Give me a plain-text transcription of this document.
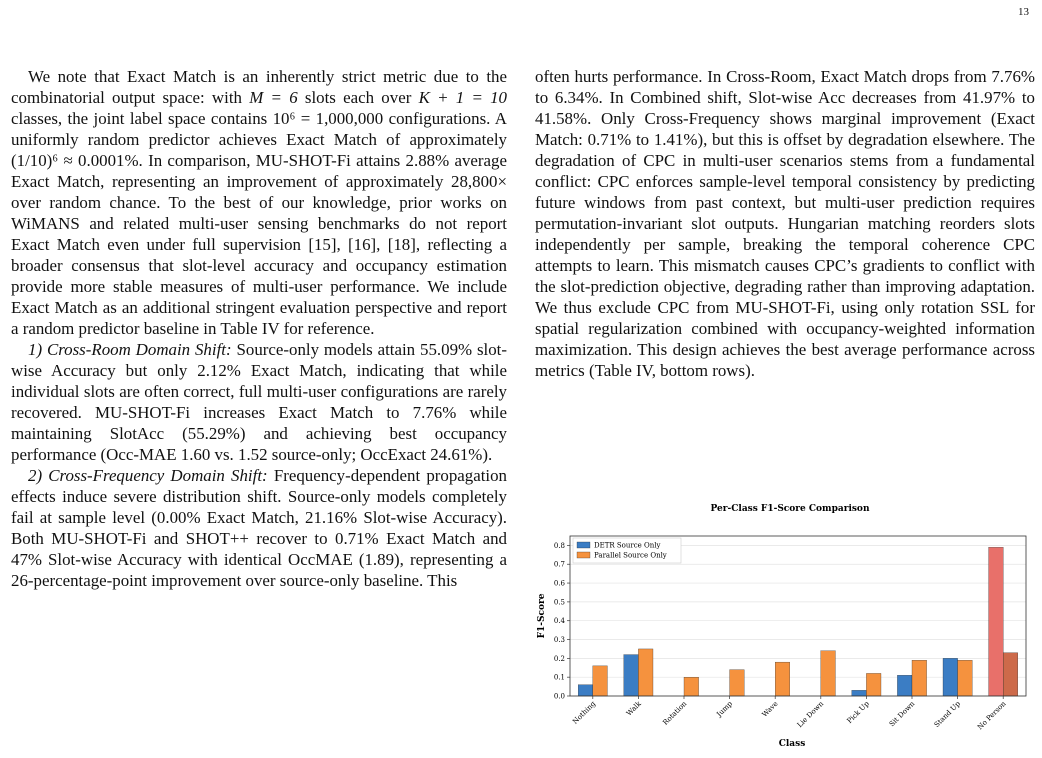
13

We note that Exact Match is an inherently strict metric due to the combinatorial output space: with M = 6 slots each over K + 1 = 10 classes, the joint label space contains 10⁶ = 1,000,000 configurations. A uniformly random predictor achieves Exact Match of approximately (1/10)⁶ ≈ 0.0001%. In comparison, MU-SHOT-Fi attains 2.88% average Exact Match, representing an improvement of approximately 28,800× over random chance. To the best of our knowledge, prior works on WiMANS and related multi-user sensing benchmarks do not report Exact Match even under full supervision [15], [16], [18], reflecting a broader consensus that slot-level accuracy and occupancy estimation provide more stable measures of multi-user performance. We include Exact Match as an additional stringent evaluation perspective and report a random predictor baseline in Table IV for reference.

1) Cross-Room Domain Shift: Source-only models attain 55.09% slot-wise Accuracy but only 2.12% Exact Match, indicating that while individual slots are often correct, full multi-user configurations are rarely recovered. MU-SHOT-Fi increases Exact Match to 7.76% while maintaining SlotAcc (55.29%) and achieving best occupancy performance (Occ-MAE 1.60 vs. 1.52 source-only; OccExact 24.61%).

2) Cross-Frequency Domain Shift: Frequency-dependent propagation effects induce severe distribution shift. Source-only models completely fail at sample level (0.00% Exact Match, 21.16% Slot-wise Accuracy). Both MU-SHOT-Fi and SHOT++ recover to 0.71% Exact Match and 47% Slot-wise Accuracy with identical OccMAE (1.89), representing a 26-percentage-point improvement over source-only baseline. This

often hurts performance. In Cross-Room, Exact Match drops from 7.76% to 6.34%. In Combined shift, Slot-wise Acc decreases from 41.97% to 41.58%. Only Cross-Frequency shows marginal improvement (Exact Match: 0.71% to 1.41%), but this is offset by degradation elsewhere. The degradation of CPC in multi-user scenarios stems from a fundamental conflict: CPC enforces sample-level temporal consistency by predicting future windows from past context, but multi-user prediction requires permutation-invariant slot outputs. Hungarian matching reorders slots independently per sample, breaking the temporal coherence CPC attempts to learn. This mismatch causes CPC’s gradients to conflict with the slot-prediction objective, degrading rather than improving adaptation. We thus exclude CPC from MU-SHOT-Fi, using only rotation SSL for spatial regularization combined with occupancy-weighted information maximization. This design achieves the best average performance across metrics (Table IV, bottom rows).

Per-Class F1-Score Comparison
0.0
0.1
0.2
0.3
0.4
0.5
0.6
0.7
0.8
Nothing	Walk	Rotation	Jump	Wave Lie Down	Pick Up Sit Down Stand Up No Person
F1-Score
Class
DETR Source Only
Parallel Source Only
